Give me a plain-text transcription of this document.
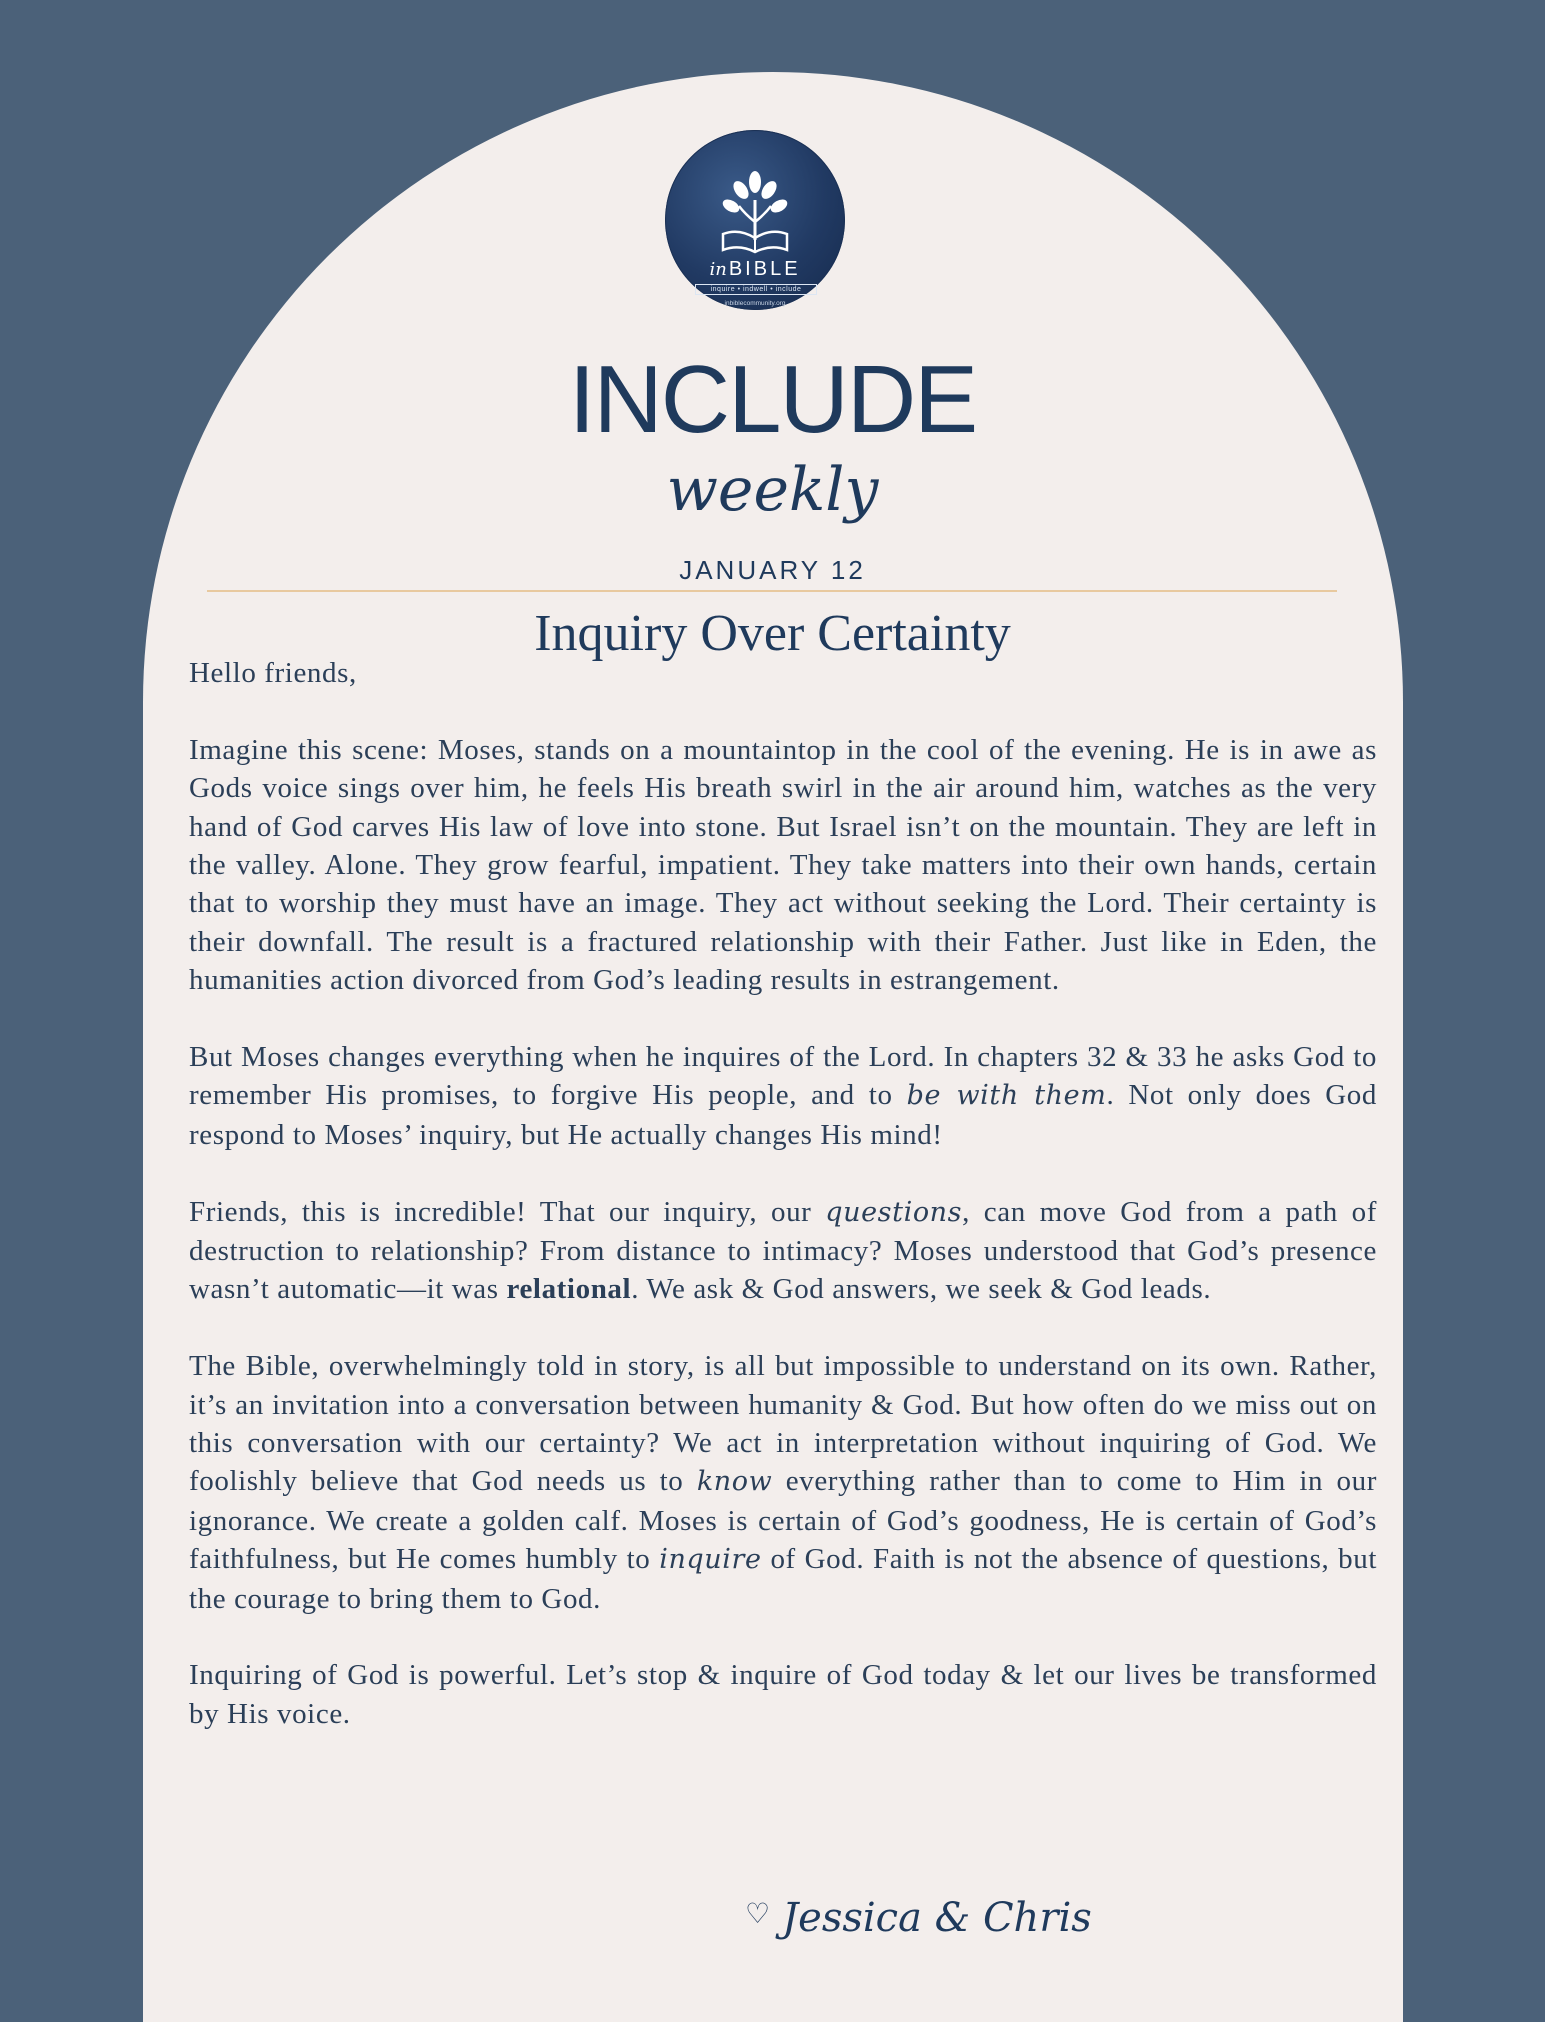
in BIBLE
inquire • indwell • include
inbiblecommunity.org
INCLUDE
weekly
JANUARY 12
Inquiry Over Certainty

Hello friends,

Imagine this scene: Moses, stands on a mountaintop in the cool of the evening. He is in awe as Gods voice sings over him, he feels His breath swirl in the air around him, watches as the very hand of God carves His law of love into stone. But Israel isn’t on the mountain. They are left in the valley. Alone. They grow fearful, impatient. They take matters into their own hands, certain that to worship they must have an image. They act without seeking the Lord. Their certainty is their downfall. The result is a fractured relationship with their Father. Just like in Eden, the humanities action divorced from God’s leading results in estrangement.

But Moses changes everything when he inquires of the Lord. In chapters 32 & 33 he asks God to remember His promises, to forgive His people, and to be with them. Not only does God respond to Moses’ inquiry, but He actually changes His mind!

Friends, this is incredible! That our inquiry, our questions, can move God from a path of destruction to relationship? From distance to intimacy? Moses understood that God’s presence wasn’t automatic—it was relational. We ask & God answers, we seek & God leads.

The Bible, overwhelmingly told in story, is all but impossible to understand on its own. Rather, it’s an invitation into a conversation between humanity & God. But how often do we miss out on this conversation with our certainty? We act in interpretation without inquiring of God. We foolishly believe that God needs us to know everything rather than to come to Him in our ignorance. We create a golden calf. Moses is certain of God’s goodness, He is certain of God’s faithfulness, but He comes humbly to inquire of God. Faith is not the absence of questions, but the courage to bring them to God.

Inquiring of God is powerful. Let’s stop & inquire of God today & let our lives be transformed by His voice.

♡ Jessica & Chris
